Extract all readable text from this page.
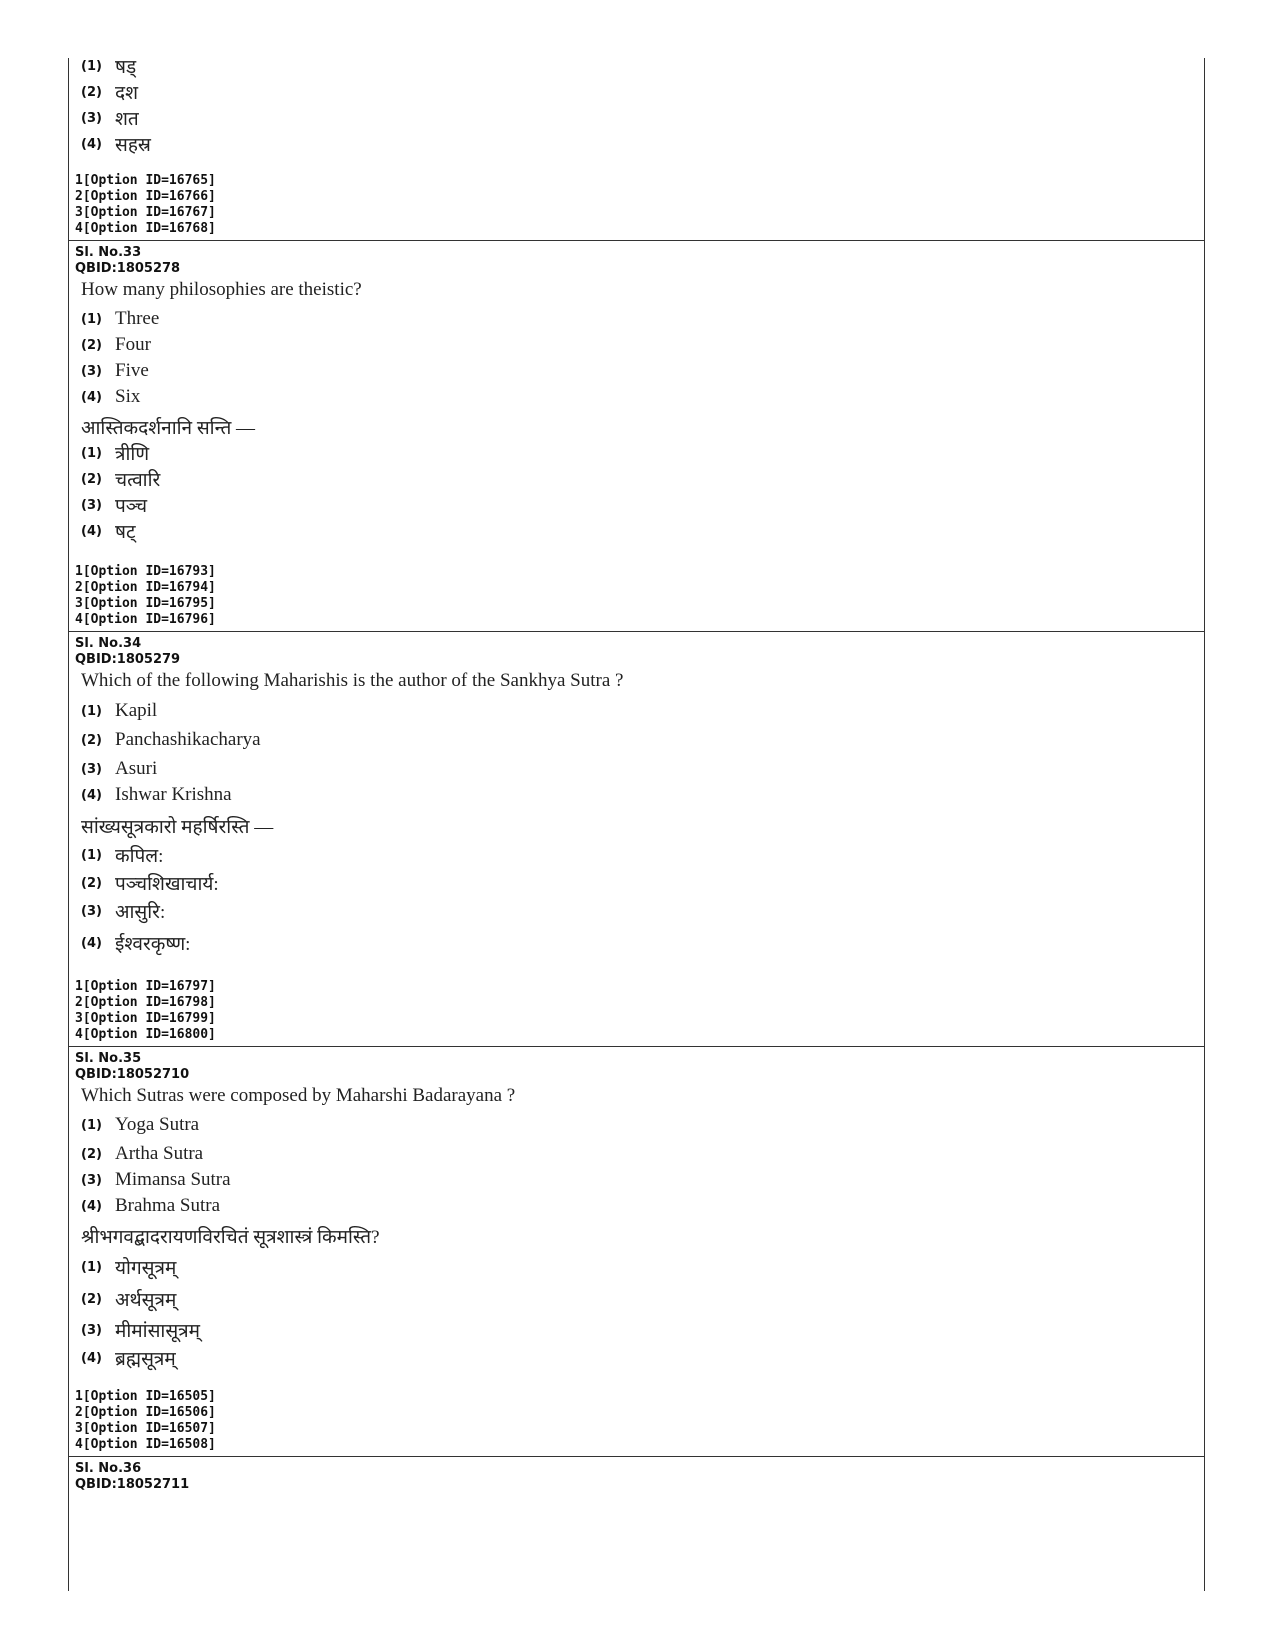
(1) षड्
(2) दश
(3) शत
(4) सहस्र
1[Option ID=16765]
2[Option ID=16766]
3[Option ID=16767]
4[Option ID=16768]
Sl. No.33
QBID:1805278
How many philosophies are theistic?
(1) Three
(2) Four
(3) Five
(4) Six
आस्तिकदर्शनानि सन्ति —
(1) त्रीणि
(2) चत्वारि
(3) पञ्च
(4) षट्
1[Option ID=16793]
2[Option ID=16794]
3[Option ID=16795]
4[Option ID=16796]
Sl. No.34
QBID:1805279
Which of the following Maharishis is the author of the Sankhya Sutra ?
(1) Kapil
(2) Panchashikacharya
(3) Asuri
(4) Ishwar Krishna
सांख्यसूत्रकारो महर्षिरस्ति —
(1) कपिल:
(2) पञ्चशिखाचार्य:
(3) आसुरि:
(4) ईश्वरकृष्ण:
1[Option ID=16797]
2[Option ID=16798]
3[Option ID=16799]
4[Option ID=16800]
Sl. No.35
QBID:18052710
Which Sutras were composed by Maharshi Badarayana ?
(1) Yoga Sutra
(2) Artha Sutra
(3) Mimansa Sutra
(4) Brahma Sutra
श्रीभगवद्बादरायणविरचितं सूत्रशास्त्रं किमस्ति?
(1) योगसूत्रम्
(2) अर्थसूत्रम्
(3) मीमांसासूत्रम्
(4) ब्रह्मसूत्रम्
1[Option ID=16505]
2[Option ID=16506]
3[Option ID=16507]
4[Option ID=16508]
Sl. No.36
QBID:18052711
